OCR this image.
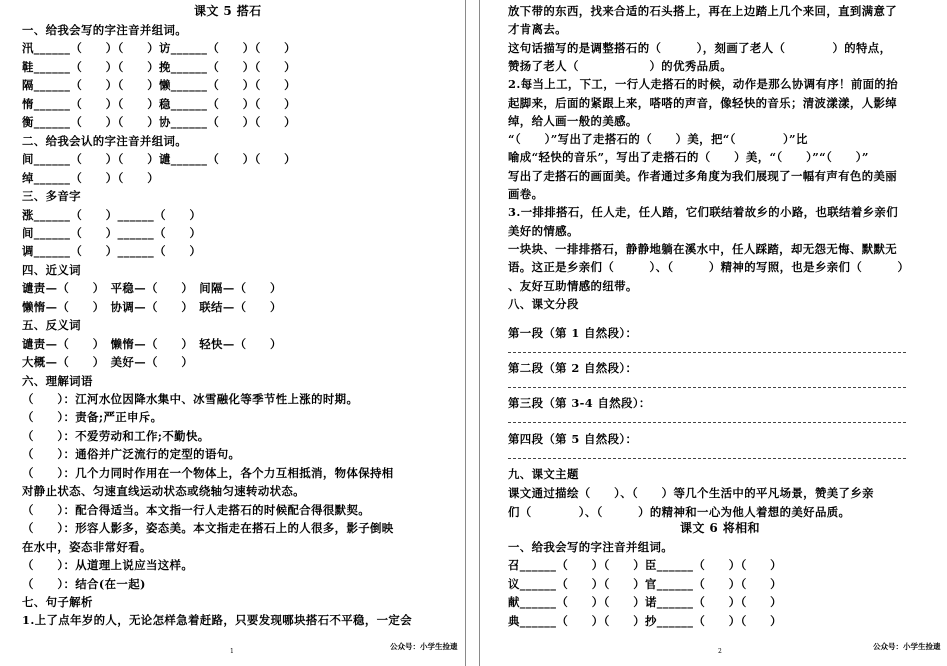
课文 5 搭石
一、给我会写的字注音并组词。
汛______（　　）（　　）访______（　　）（　　）
鞋______（　　）（　　）挽______（　　）（　　）
隔______（　　）（　　）懒______（　　）（　　）
惰______（　　）（　　）稳______（　　）（　　）
衡______（　　）（　　）协______（　　）（　　）
二、给我会认的字注音并组词。
间______（　　）（　　）谴______（　　）（　　）
绰______（　　）（　　）
三、多音字
涨______（　　）______（　　）
间______（　　）______（　　）
调______（　　）______（　　）
四、近义词
谴责—（　　）　平稳—（　　）　间隔—（　　）
懒惰—（　　）　协调—（　　）　联结—（　　）
五、反义词
谴责—（　　）　懒惰—（　　）　轻快—（　　）
大概—（　　）　美好—（　　）
六、理解词语
（　　）：江河水位因降水集中、冰雪融化等季节性上涨的时期。
（　　）：责备;严正申斥。
（　　）：不爱劳动和工作;不勤快。
（　　）：通俗并广泛流行的定型的语句。
（　　）：几个力同时作用在一个物体上，各个力互相抵消，物体保持相
对静止状态、匀速直线运动状态或绕轴匀速转动状态。
（　　）：配合得适当。本文指一行人走搭石的时候配合得很默契。
（　　）：形容人影多，姿态美。本文指走在搭石上的人很多，影子倒映
在水中，姿态非常好看。
（　　）：从道理上说应当这样。
（　　）：结合(在一起)
七、句子解析
1.上了点年岁的人，无论怎样急着赶路，只要发现哪块搭石不平稳，一定会
1
公众号：小学生捡遗
放下带的东西，找来合适的石头搭上，再在上边踏上几个来回，直到满意了
才肯离去。
这句话描写的是调整搭石的（　　　），刻画了老人（　　　　）的特点，
赞扬了老人（　　　　　　）的优秀品质。
2.每当上工，下工，一行人走搭石的时候，动作是那么协调有序！前面的抬
起脚来，后面的紧跟上来，嗒嗒的声音，像轻快的音乐；清波漾漾，人影绰
绰，给人画一般的美感。
“（　　）”写出了走搭石的（　　）美，把“（　　　　）”比
喻成“轻快的音乐”，写出了走搭石的（　　）美，“（　　）”“（　　）”
写出了走搭石的画面美。作者通过多角度为我们展现了一幅有声有色的美丽
画卷。
3.一排排搭石，任人走，任人踏，它们联结着故乡的小路，也联结着乡亲们
美好的情感。
一块块、一排排搭石，静静地躺在溪水中，任人踩踏，却无怨无悔、默默无
语。这正是乡亲们（　　　）、（　　　）精神的写照，也是乡亲们（　　　）
、友好互助情感的纽带。
八、课文分段
第一段（第 1 自然段）：
第二段（第 2 自然段）：
第三段（第 3-4 自然段）：
第四段（第 5 自然段）：
九、课文主题
课文通过描绘（　　）、（　　）等几个生活中的平凡场景，赞美了乡亲
们（　　　　）、（　　　）的精神和一心为他人着想的美好品质。
课文 6 将相和
一、给我会写的字注音并组词。
召______（　　）（　　）臣______（　　）（　　）
议______（　　）（　　）官______（　　）（　　）
献______（　　）（　　）诺______（　　）（　　）
典______（　　）（　　）抄______（　　）（　　）
2
公众号：小学生捡遗
